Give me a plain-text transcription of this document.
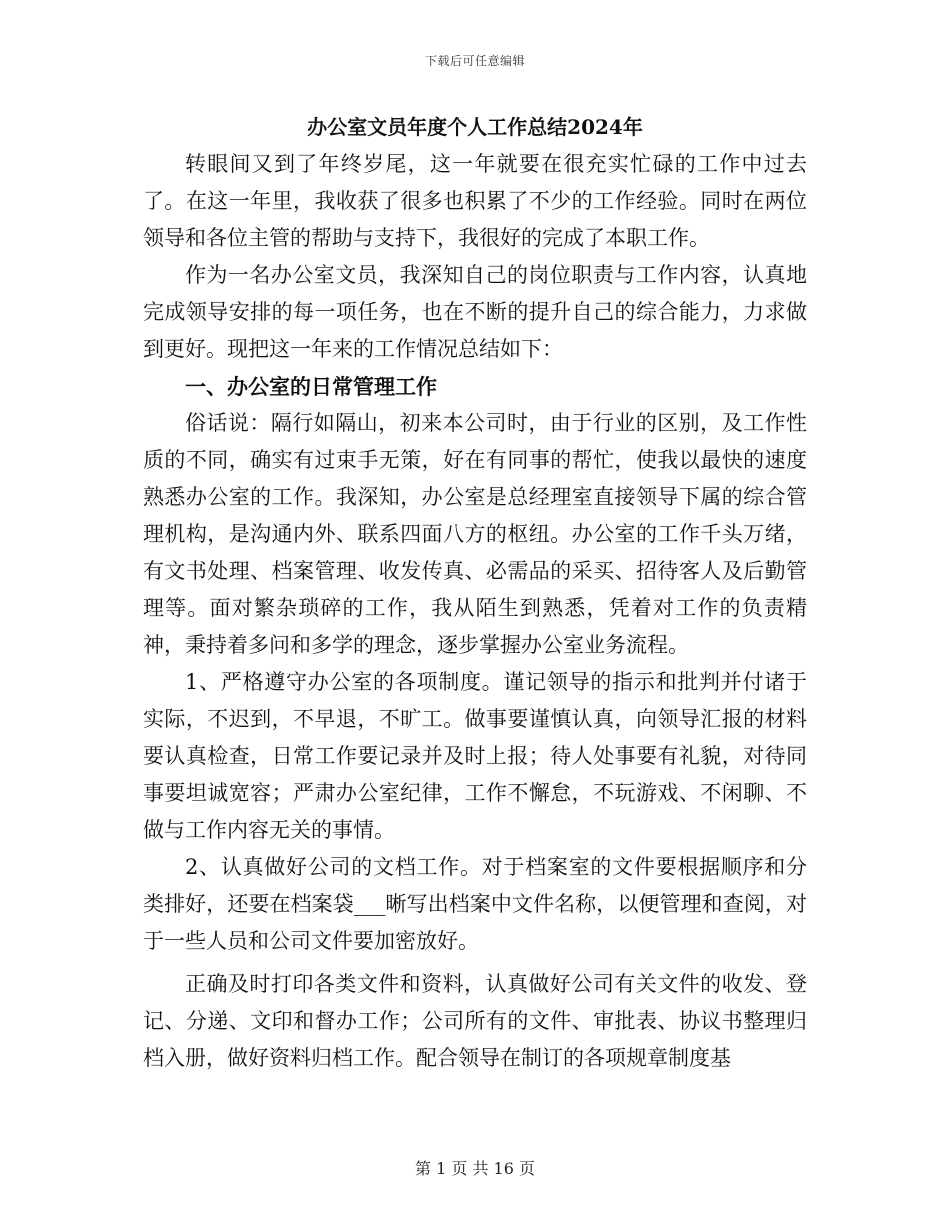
下载后可任意编辑
办公室文员年度个人工作总结2024年

转眼间又到了年终岁尾，这一年就要在很充实忙碌的工作中过去了。在这一年里，我收获了很多也积累了不少的工作经验。同时在两位领导和各位主管的帮助与支持下，我很好的完成了本职工作。

作为一名办公室文员，我深知自己的岗位职责与工作内容，认真地完成领导安排的每一项任务，也在不断的提升自己的综合能力，力求做到更好。现把这一年来的工作情况总结如下：

一、办公室的日常管理工作

俗话说：隔行如隔山，初来本公司时，由于行业的区别，及工作性质的不同，确实有过束手无策，好在有同事的帮忙，使我以最快的速度熟悉办公室的工作。我深知，办公室是总经理室直接领导下属的综合管理机构，是沟通内外、联系四面八方的枢纽。办公室的工作千头万绪，有文书处理、档案管理、收发传真、必需品的采买、招待客人及后勤管理等。面对繁杂琐碎的工作，我从陌生到熟悉，凭着对工作的负责精神，秉持着多问和多学的理念，逐步掌握办公室业务流程。

1、严格遵守办公室的各项制度。谨记领导的指示和批判并付诸于实际，不迟到，不早退，不旷工。做事要谨慎认真，向领导汇报的材料要认真检查，日常工作要记录并及时上报；待人处事要有礼貌，对待同事要坦诚宽容；严肃办公室纪律，工作不懈怠，不玩游戏、不闲聊、不做与工作内容无关的事情。

2、认真做好公司的文档工作。对于档案室的文件要根据顺序和分类排好，还要在档案袋___晰写出档案中文件名称，以便管理和查阅，对于一些人员和公司文件要加密放好。

正确及时打印各类文件和资料，认真做好公司有关文件的收发、登记、分递、文印和督办工作；公司所有的文件、审批表、协议书整理归档入册，做好资料归档工作。配合领导在制订的各项规章制度基

第 1 页 共 16 页
